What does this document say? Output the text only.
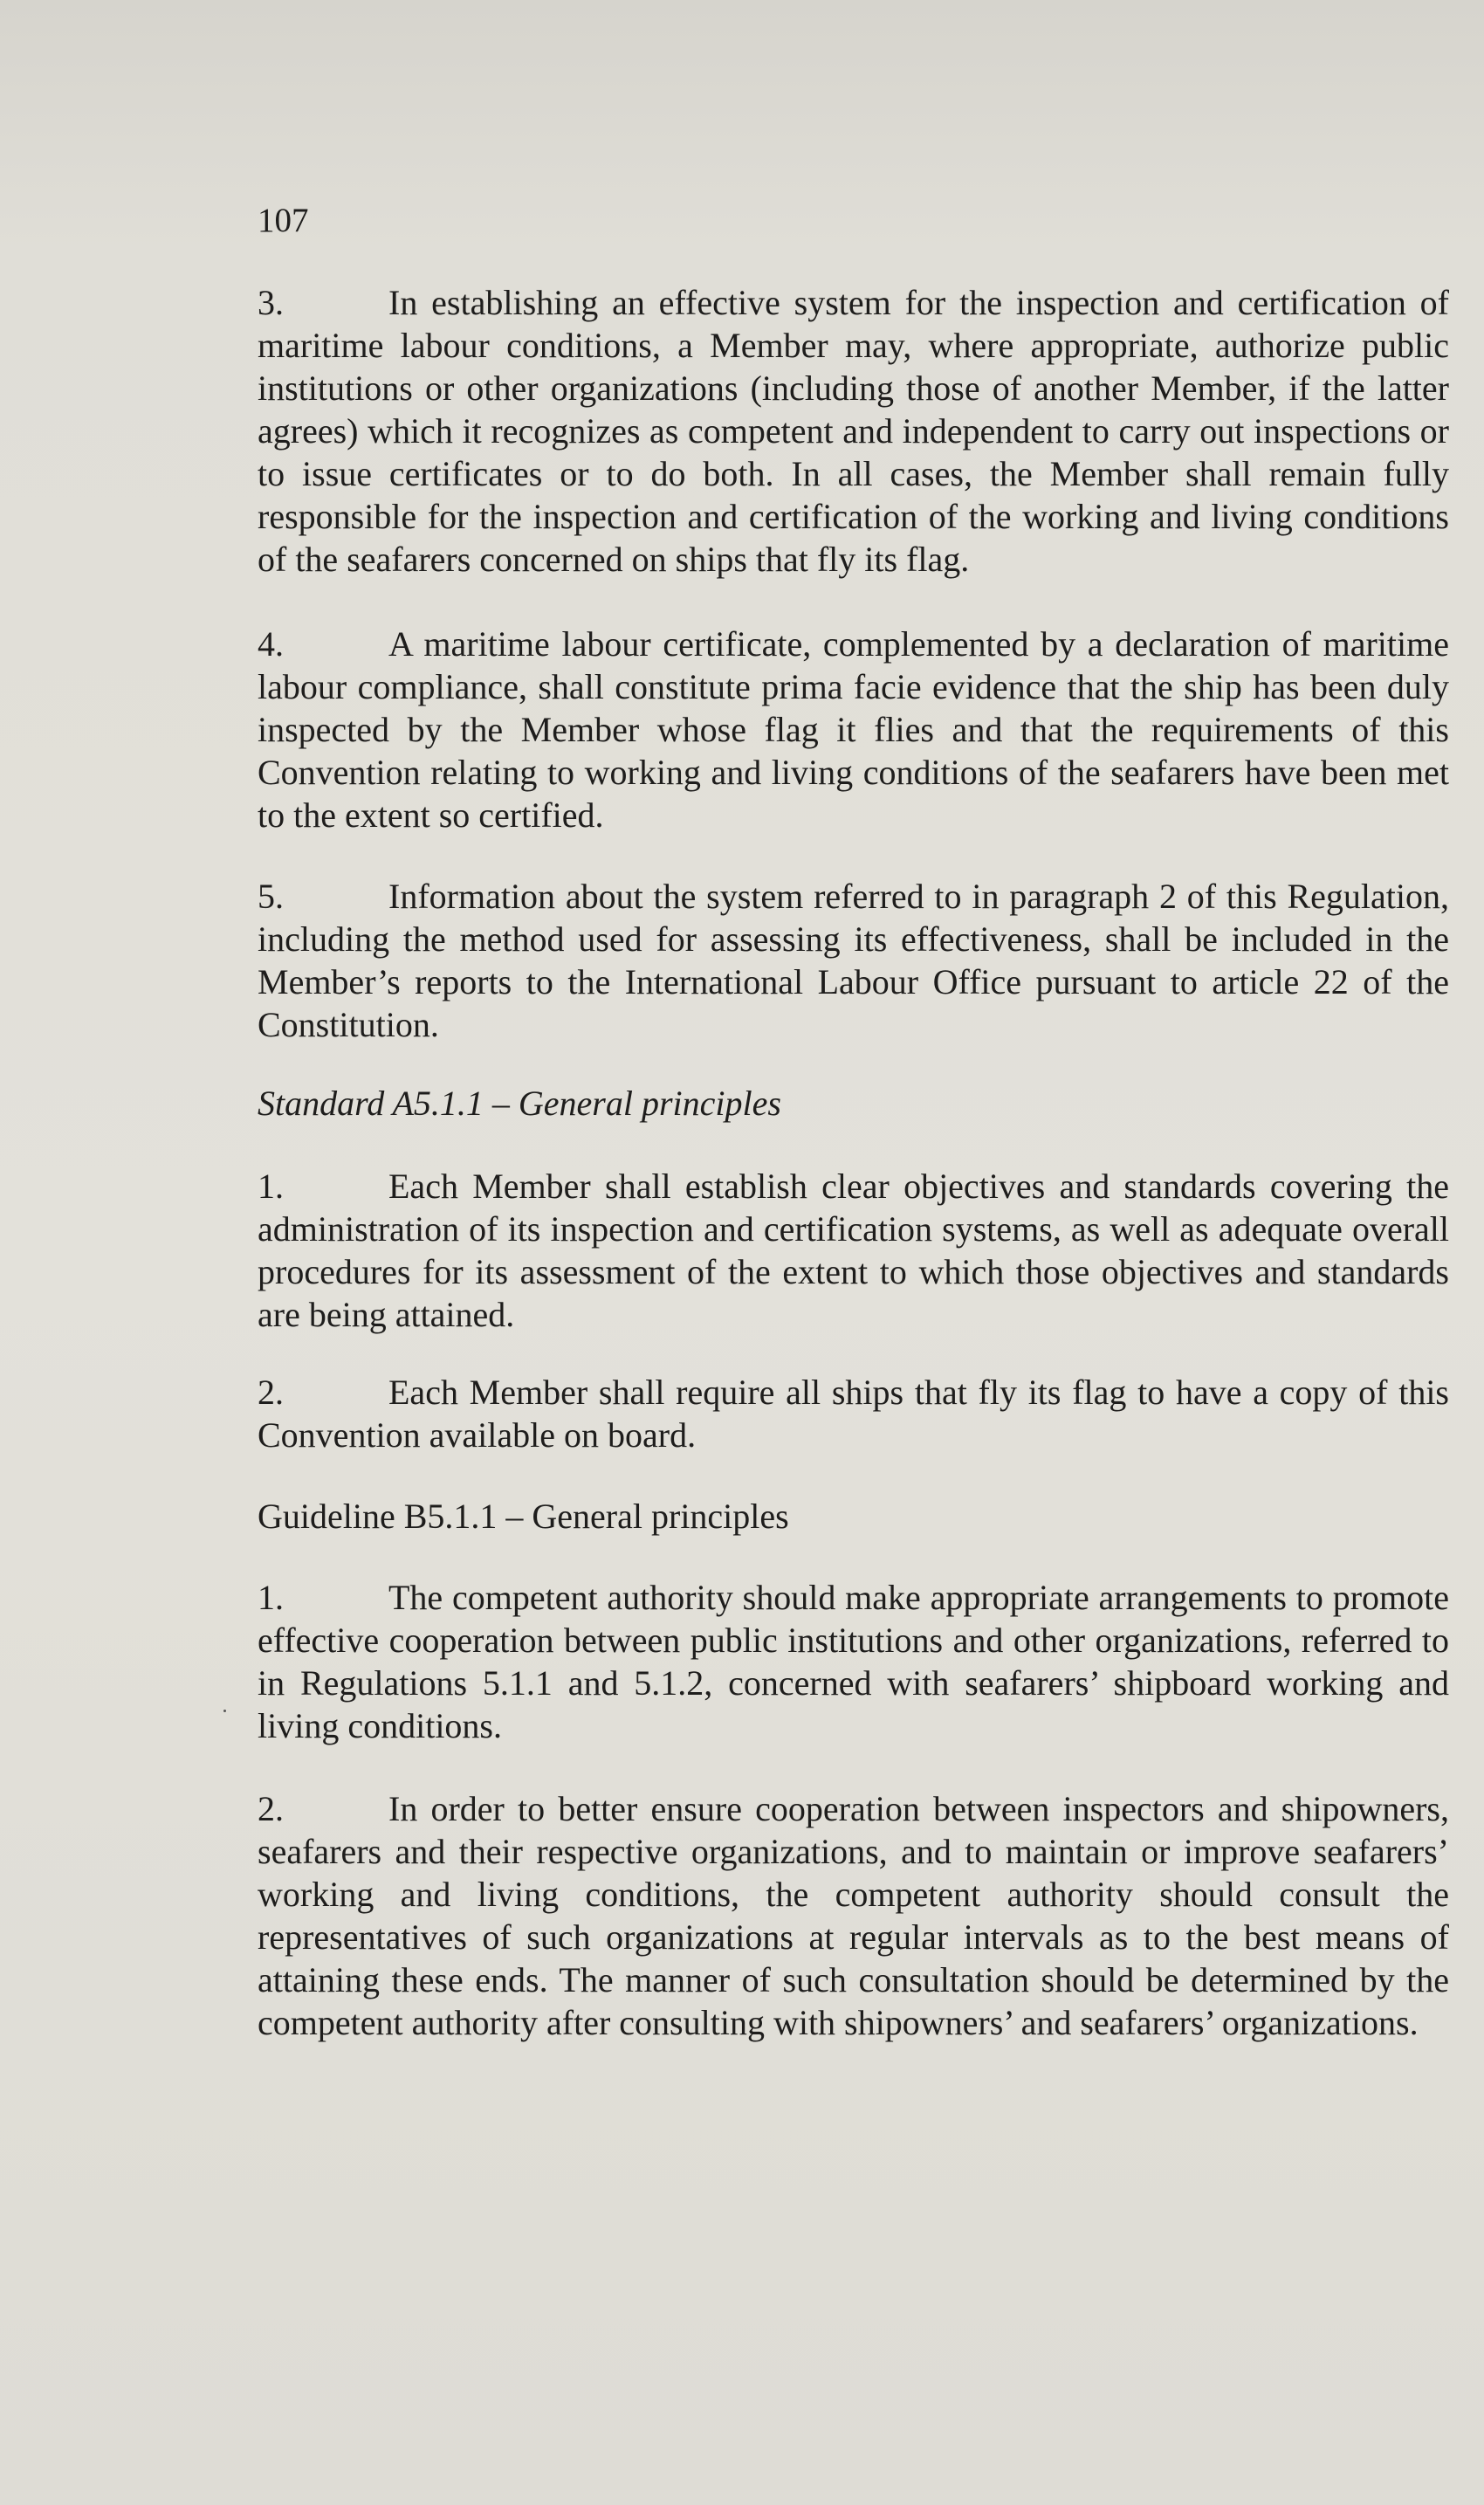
107

3.	In establishing an effective system for the inspection and certification of maritime labour conditions, a Member may, where appropriate, authorize public institutions or other organizations (including those of another Member, if the latter agrees) which it recognizes as competent and independent to carry out inspections or to issue certificates or to do both. In all cases, the Member shall remain fully responsible for the inspection and certification of the working and living conditions of the seafarers concerned on ships that fly its flag.

4.	A maritime labour certificate, complemented by a declaration of maritime labour compliance, shall constitute prima facie evidence that the ship has been duly inspected by the Member whose flag it flies and that the requirements of this Convention relating to working and living conditions of the seafarers have been met to the extent so certified.

5.	Information about the system referred to in paragraph 2 of this Regulation, including the method used for assessing its effectiveness, shall be included in the Member’s reports to the International Labour Office pursuant to article 22 of the Constitution.

Standard A5.1.1 – General principles

1.	Each Member shall establish clear objectives and standards covering the administration of its inspection and certification systems, as well as adequate overall procedures for its assessment of the extent to which those objectives and standards are being attained.

2.	Each Member shall require all ships that fly its flag to have a copy of this Convention available on board.

Guideline B5.1.1 – General principles

1.	The competent authority should make appropriate arrangements to promote effective cooperation between public institutions and other organizations, referred to in Regulations 5.1.1 and 5.1.2, concerned with seafarers’ shipboard working and living conditions.

2.	In order to better ensure cooperation between inspectors and shipowners, seafarers and their respective organizations, and to maintain or improve seafarers’ working and living conditions, the competent authority should consult the representatives of such organizations at regular intervals as to the best means of attaining these ends. The manner of such consultation should be determined by the competent authority after consulting with shipowners’ and seafarers’ organizations.
